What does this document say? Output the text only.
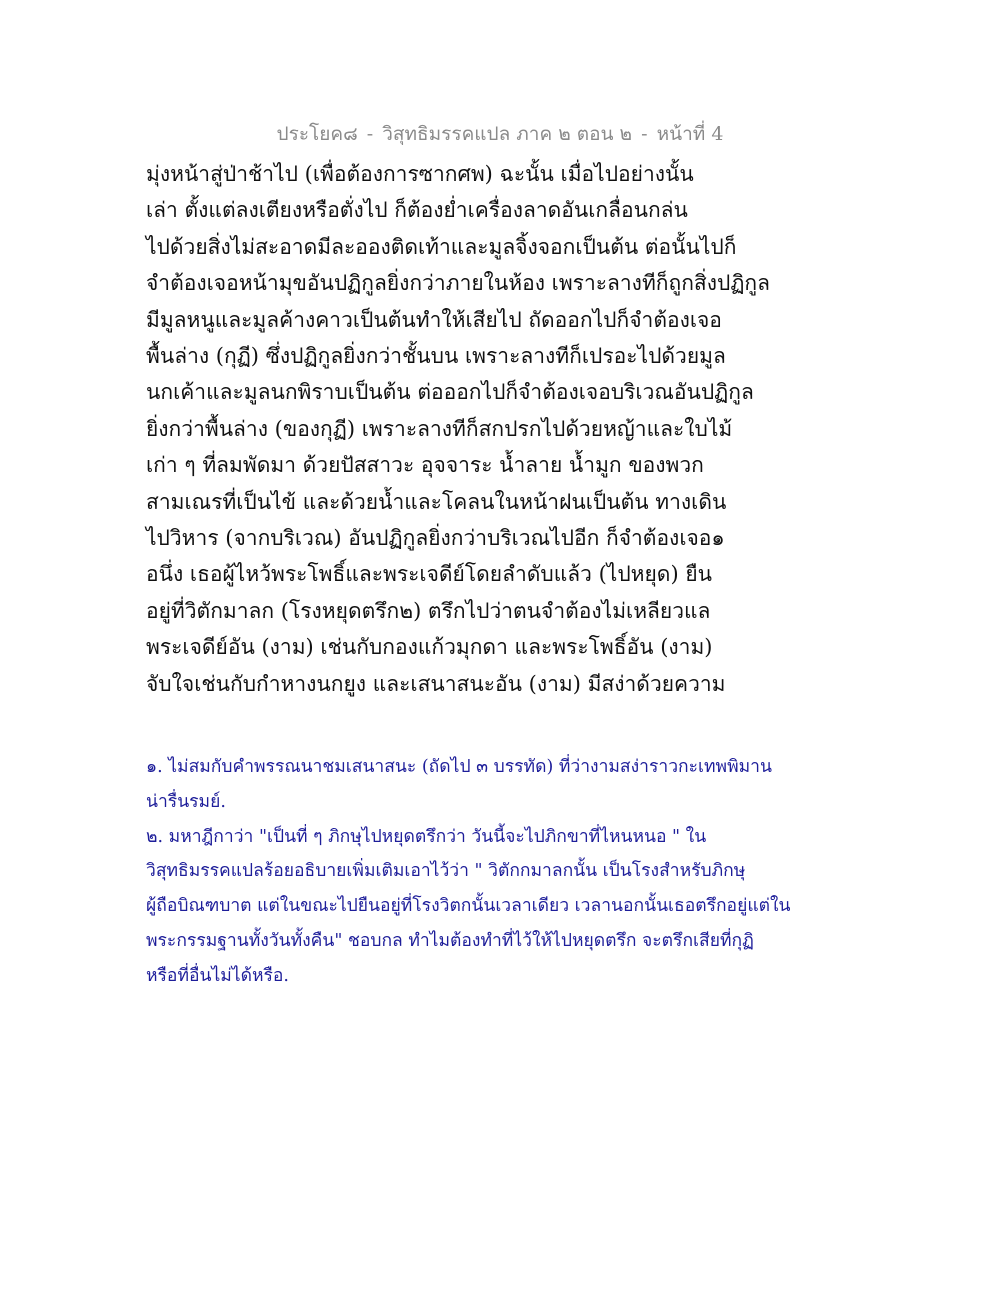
ประโยค๘ - วิสุทธิมรรคแปล ภาค ๒ ตอน ๒ - หน้าที่ 4
มุ่งหน้าสู่ป่าช้าไป (เพื่อต้องการซากศพ) ฉะนั้น เมื่อไปอย่างนั้น
เล่า ตั้งแต่ลงเตียงหรือตั่งไป ก็ต้องย่ำเครื่องลาดอันเกลื่อนกล่น
ไปด้วยสิ่งไม่สะอาดมีละอองติดเท้าและมูลจิ้งจอกเป็นต้น ต่อนั้นไปก็
จำต้องเจอหน้ามุขอันปฏิกูลยิ่งกว่าภายในห้อง เพราะลางทีก็ถูกสิ่งปฏิกูล
มีมูลหนูและมูลค้างคาวเป็นต้นทำให้เสียไป ถัดออกไปก็จำต้องเจอ
พื้นล่าง (กุฏี) ซึ่งปฏิกูลยิ่งกว่าชั้นบน เพราะลางทีก็เปรอะไปด้วยมูล
นกเค้าและมูลนกพิราบเป็นต้น ต่อออกไปก็จำต้องเจอบริเวณอันปฏิกูล
ยิ่งกว่าพื้นล่าง (ของกุฏี) เพราะลางทีก็สกปรกไปด้วยหญ้าและใบไม้
เก่า ๆ ที่ลมพัดมา ด้วยปัสสาวะ อุจจาระ น้ำลาย น้ำมูก ของพวก
สามเณรที่เป็นไข้ และด้วยน้ำและโคลนในหน้าฝนเป็นต้น ทางเดิน
ไปวิหาร (จากบริเวณ) อันปฏิกูลยิ่งกว่าบริเวณไปอีก ก็จำต้องเจอ๑
อนึ่ง เธอผู้ไหว้พระโพธิ์และพระเจดีย์โดยลำดับแล้ว (ไปหยุด) ยืน
อยู่ที่วิตักมาลก (โรงหยุดตรึก๒) ตรึกไปว่าตนจำต้องไม่เหลียวแล
พระเจดีย์อัน (งาม) เช่นกับกองแก้วมุกดา และพระโพธิ์อัน (งาม)
จับใจเช่นกับกำหางนกยูง และเสนาสนะอัน (งาม) มีสง่าด้วยความ
๑. ไม่สมกับคำพรรณนาชมเสนาสนะ (ถัดไป ๓ บรรทัด) ที่ว่างามสง่าราวกะเทพพิมาน
น่ารื่นรมย์.
๒. มหาฎีกาว่า "เป็นที่ ๆ ภิกษุไปหยุดตรึกว่า วันนี้จะไปภิกขาที่ไหนหนอ " ใน
วิสุทธิมรรคแปลร้อยอธิบายเพิ่มเติมเอาไว้ว่า " วิตักกมาลกนั้น เป็นโรงสำหรับภิกษุ
ผู้ถือบิณฑบาต แต่ในขณะไปยืนอยู่ที่โรงวิตกนั้นเวลาเดียว เวลานอกนั้นเธอตรึกอยู่แต่ใน
พระกรรมฐานทั้งวันทั้งคืน" ชอบกล ทำไมต้องทำที่ไว้ให้ไปหยุดตรึก จะตรึกเสียที่กุฏิ
หรือที่อื่นไม่ได้หรือ.
